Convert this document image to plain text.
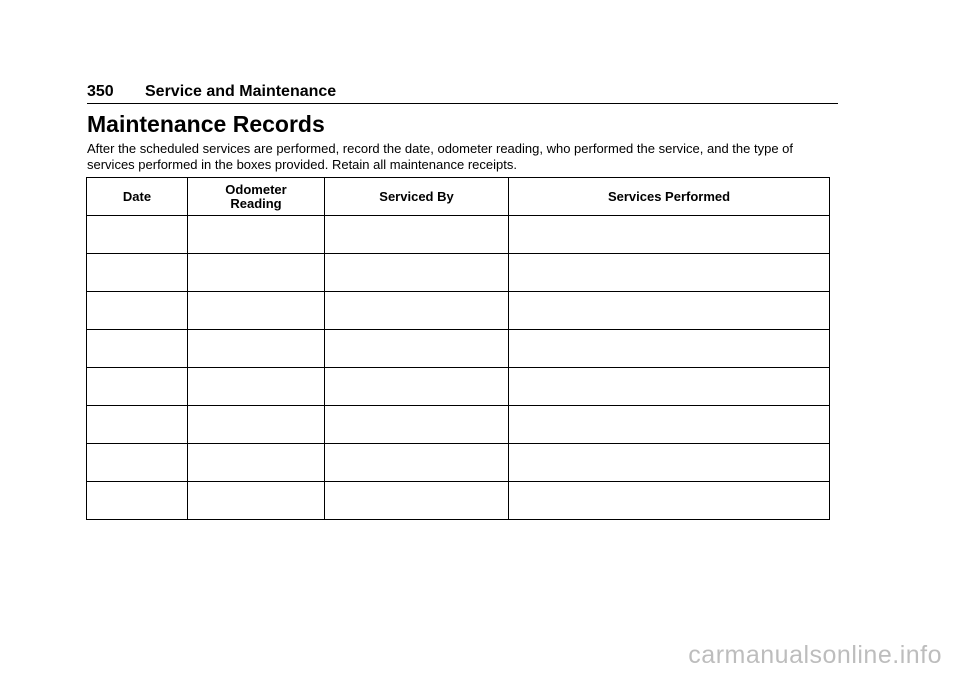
350	Service and Maintenance
Maintenance Records

After the scheduled services are performed, record the date, odometer reading, who performed the service, and the type of services performed in the boxes provided. Retain all maintenance receipts.

Date	Odometer Reading	Serviced By	Services Performed

carmanualsonline.info
